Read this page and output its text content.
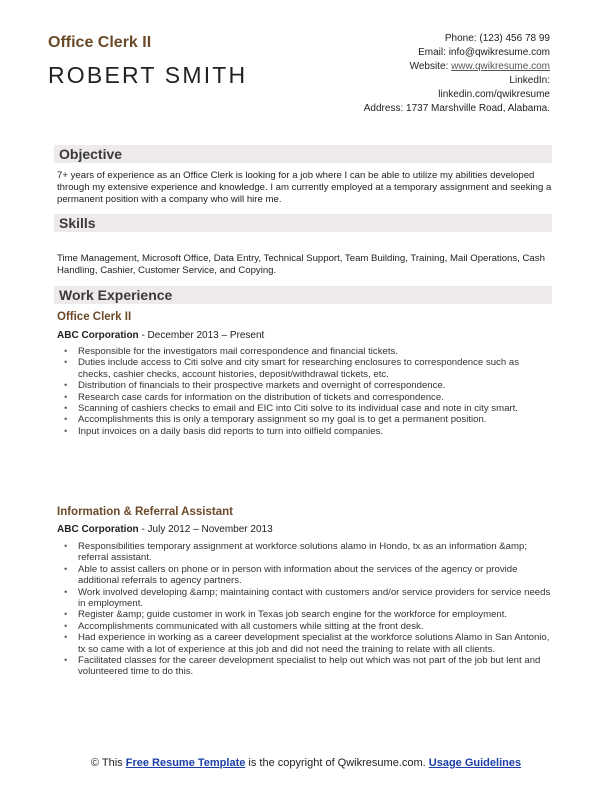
Office Clerk II
ROBERT SMITH
Phone: (123) 456 78 99
Email: info@qwikresume.com
Website: www.qwikresume.com
LinkedIn:
linkedin.com/qwikresume
Address: 1737 Marshville Road, Alabama.
Objective
7+ years of experience as an Office Clerk is looking for a job where I can be able to utilize my abilities developed through my extensive experience and knowledge. I am currently employed at a temporary assignment and seeking a permanent position with a company who will hire me.
Skills
Time Management, Microsoft Office, Data Entry, Technical Support, Team Building, Training, Mail Operations, Cash Handling, Cashier, Customer Service, and Copying.
Work Experience
Office Clerk II
ABC Corporation - December 2013 – Present
• Responsible for the investigators mail correspondence and financial tickets.
• Duties include access to Citi solve and city smart for researching enclosures to correspondence such as checks, cashier checks, account histories, deposit/withdrawal tickets, etc.
• Distribution of financials to their prospective markets and overnight of correspondence.
• Research case cards for information on the distribution of tickets and correspondence.
• Scanning of cashiers checks to email and EIC into Citi solve to its individual case and note in city smart.
• Accomplishments this is only a temporary assignment so my goal is to get a permanent position.
• Input invoices on a daily basis did reports to turn into oilfield companies.
Information & Referral Assistant
ABC Corporation - July 2012 – November 2013
• Responsibilities temporary assignment at workforce solutions alamo in Hondo, tx as an information &amp; referral assistant.
• Able to assist callers on phone or in person with information about the services of the agency or provide additional referrals to agency partners.
• Work involved developing &amp; maintaining contact with customers and/or service providers for service needs in employment.
• Register &amp; guide customer in work in Texas job search engine for the workforce for employment.
• Accomplishments communicated with all customers while sitting at the front desk.
• Had experience in working as a career development specialist at the workforce solutions Alamo in San Antonio, tx so came with a lot of experience at this job and did not need the training to relate with all clients.
• Facilitated classes for the career development specialist to help out which was not part of the job but lent and volunteered time to do this.
© This Free Resume Template is the copyright of Qwikresume.com. Usage Guidelines
